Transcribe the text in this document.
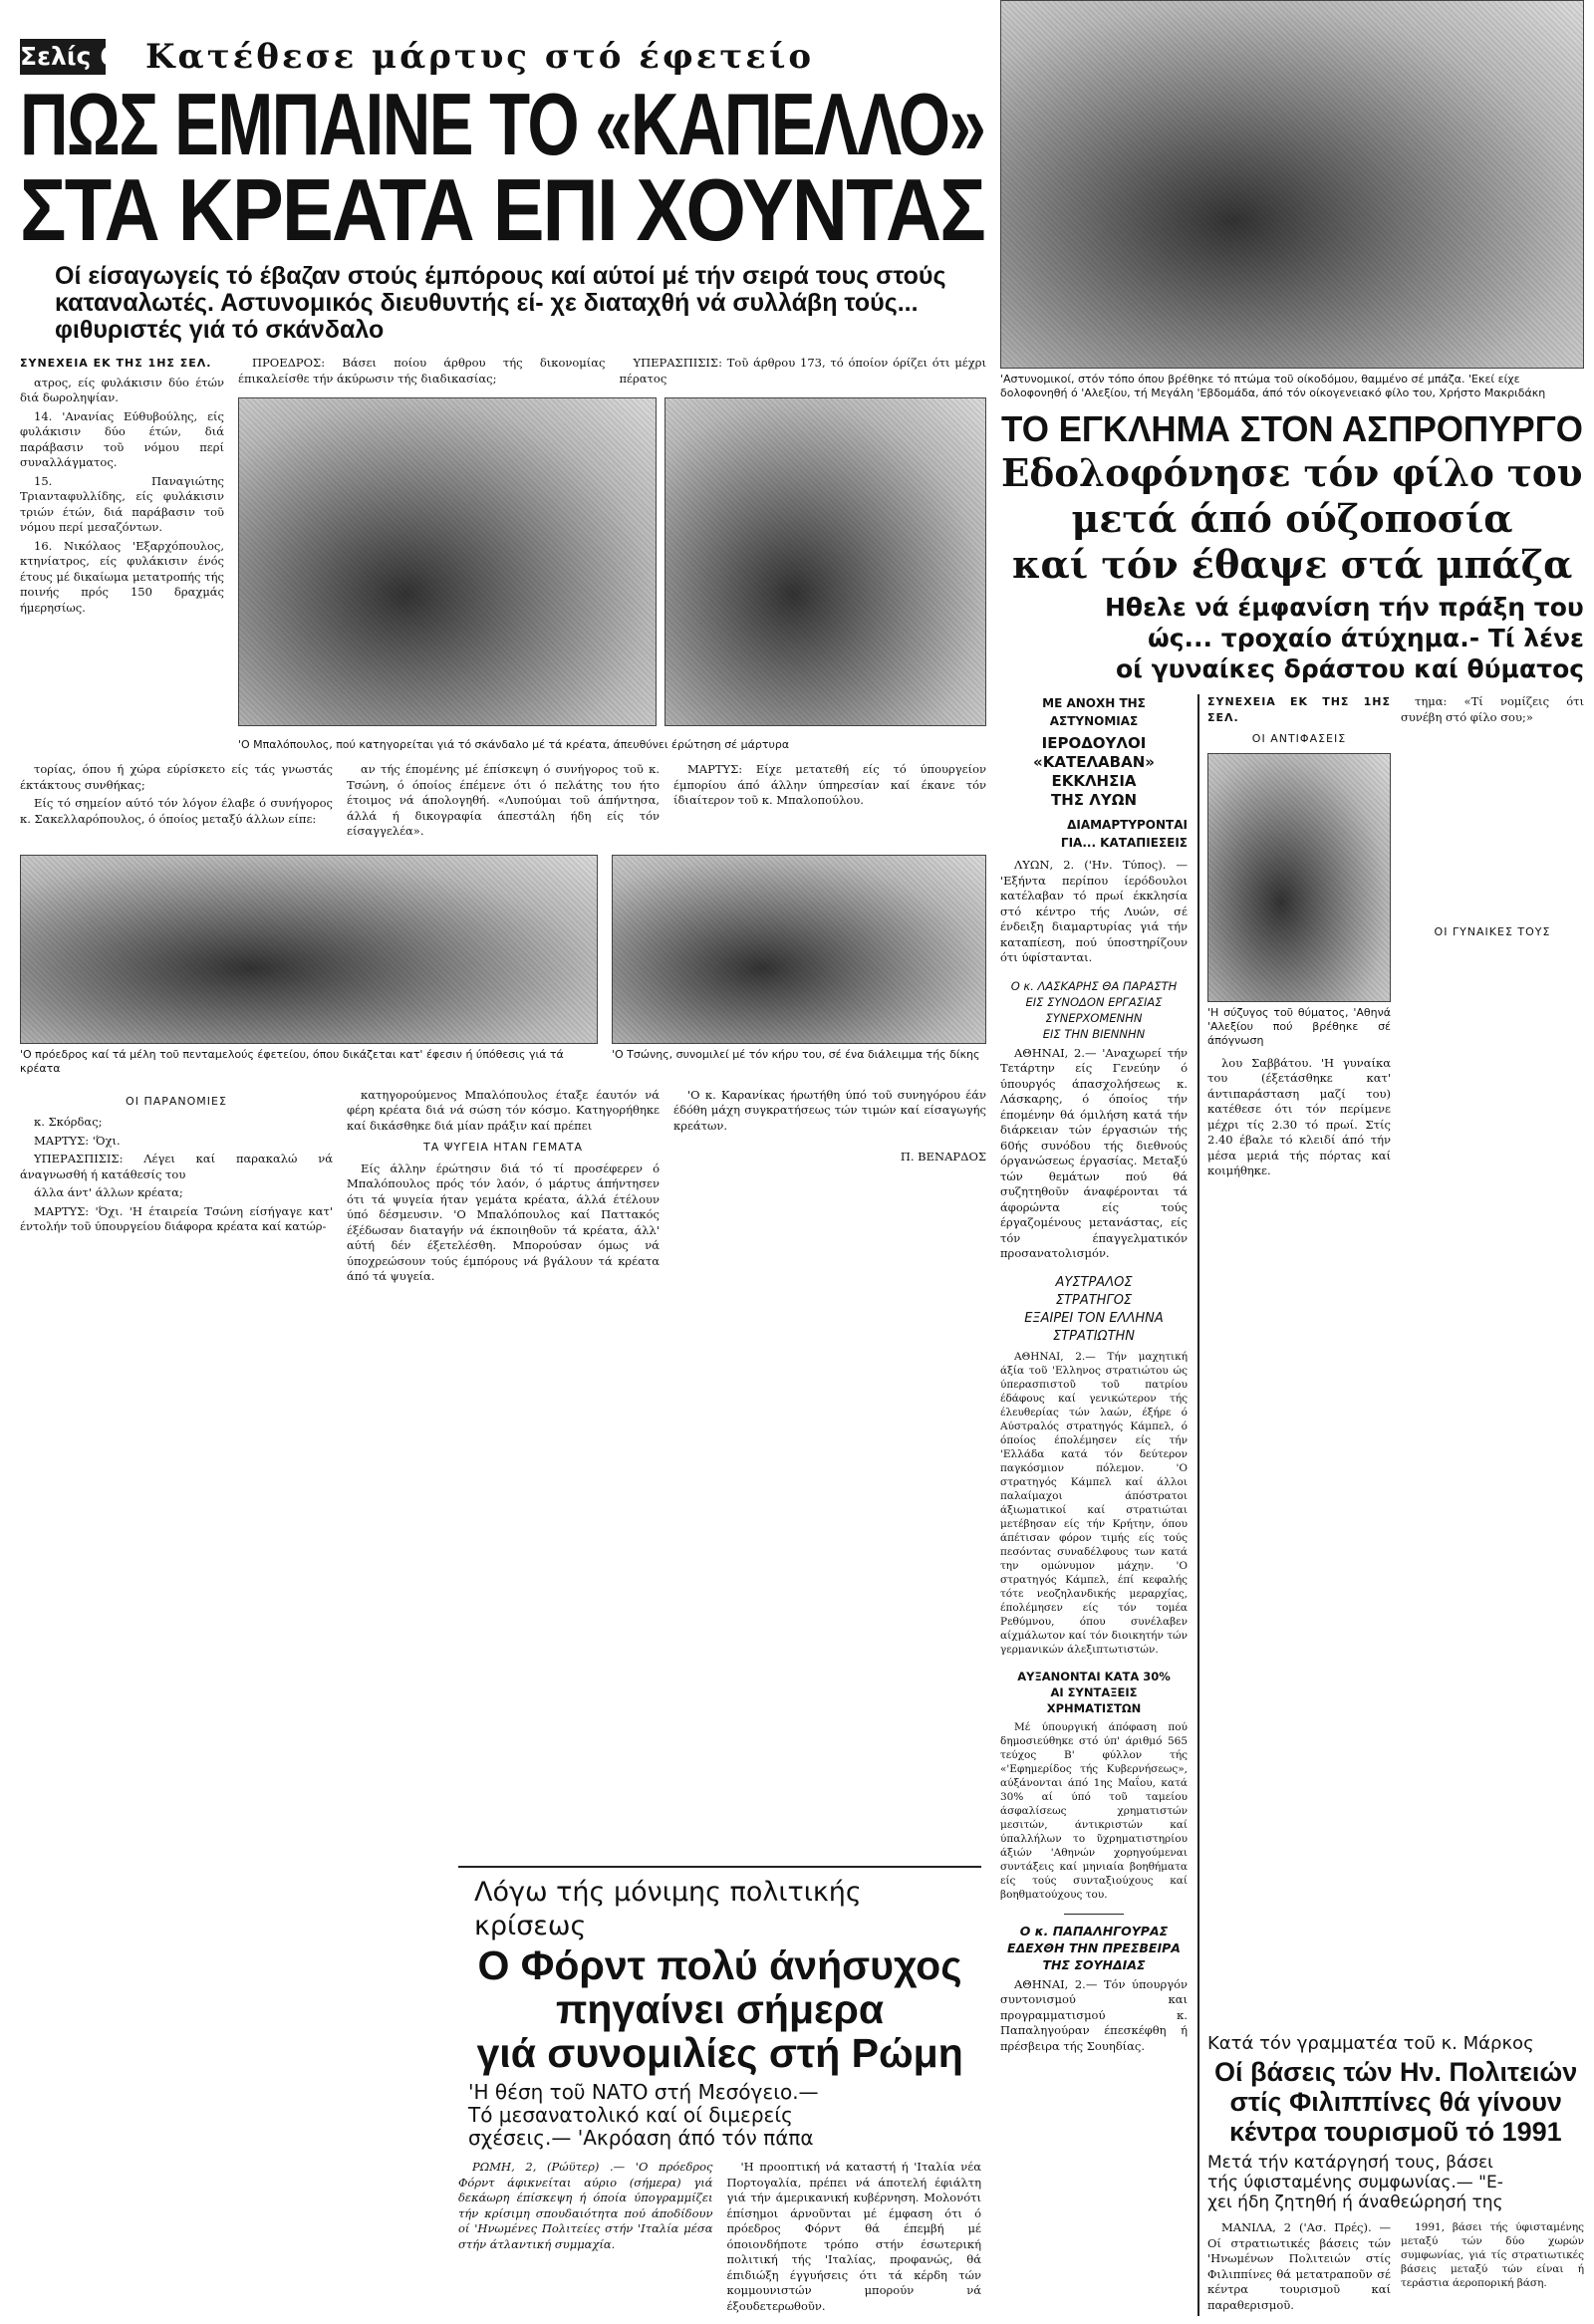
Σελίς 6 Κατέθεσε μάρτυς στό έφετείο
ΠΩΣ ΕΜΠΑΙΝΕ ΤΟ «ΚΑΠΕΛΛΟ»
ΣΤΑ ΚΡΕΑΤΑ ΕΠΙ ΧΟΥΝΤΑΣ
Οί είσαγωγείς τό έβαζαν στούς έμπόρους καί αύτοί μέ τήν σειρά τους στούς καταναλωτές. Αστυνομικός διευθυντής εί- χε διαταχθή νά συλλάβη τούς... φιθυριστές γιά τό σκάνδαλο
ΣΥΝΕΧΕΙΑ ΕΚ ΤΗΣ 1ΗΣ ΣΕΛ.

ατρος, είς φυλάκισιν δύο έτών διά δωροληψίαν.

14. 'Ανανίας Εύθυβούλης, είς φυλάκισιν δύο έτών, διά παράβασιν τοῦ νόμου περί συναλλάγματος.

15. Παναγιώτης Τριανταφυλλίδης, είς φυλάκισιν τριών έτών, διά παράβασιν τοῦ νόμου περί μεσαζόντων.

16. Νικόλαος 'Εξαρχόπουλος, κτηνίατρος, είς φυλάκισιν ένός έτους μέ δικαίωμα μετατροπής τής ποινής πρός 150 δραχμάς ήμερησίως.

ΠΡΟΕΔΡΟΣ: Βάσει ποίου άρθρου τής δικονομίας έπικαλείσθε τήν άκύρωσιν τής διαδικασίας;

ΥΠΕΡΑΣΠΙΣΙΣ: Τοῦ άρθρου 173, τό όποίον όρίζει ότι μέχρι πέρατος

'Ο Μπαλόπουλος, πού κατηγορείται γιά τό σκάνδαλο μέ τά κρέατα, άπευθύνει έρώτηση σέ μάρτυρα

τορίας, όπου ή χώρα εύρίσκετο είς τάς γνωστάς έκτάκτους συνθήκας;

Είς τό σημείον αύτό τόν λόγον έλαβε ό συνήγορος κ. Σακελλαρόπουλος, ό όποίος μεταξύ άλλων είπε:

αν τής έπομένης μέ έπίσκεψη ό συνήγορος τοῦ κ. Τσώνη, ό όποίος έπέμενε ότι ό πελάτης του ήτο έτοιμος νά άπολογηθή. «Λυπούμαι τοῦ άπήντησα, άλλά ή δικογραφία άπεστάλη ήδη είς τόν είσαγγελέα».

ΜΑΡΤΥΣ: Είχε μετατεθή είς τό ύπουργείον έμπορίου άπό άλλην ύπηρεσίαν καί έκανε τόν ίδιαίτερον τοῦ κ. Μπαλοπούλου.

'Ο πρόεδρος καί τά μέλη τοῦ πενταμελούς έφετείου, όπου δικάζεται κατ' έφεσιν ή ύπόθεσις γιά τά κρέατα
'Ο Τσώνης, συνομιλεί μέ τόν κήρυ του, σέ ένα διάλειμμα τής δίκης
ΟΙ ΠΑΡΑΝΟΜΙΕΣ

κ. Σκόρδας;

ΜΑΡΤΥΣ: 'Όχι.

ΥΠΕΡΑΣΠΙΣΙΣ: Λέγει καί παρακαλώ νά άναγνωσθή ή κατάθεσίς του

άλλα άντ' άλλων κρέατα;

ΜΑΡΤΥΣ: 'Όχι. 'Η έταιρεία Τσώνη είσήγαγε κατ' έντολήν τοῦ ύπουργείου διάφορα κρέατα καί κατώρ-

κατηγορούμενος Μπαλόπουλος έταξε έαυτόν νά φέρη κρέατα διά νά σώση τόν κόσμο. Κατηγορήθηκε καί δικάσθηκε διά μίαν πράξιν καί πρέπει

ΤΑ ΨΥΓΕΙΑ ΗΤΑΝ ΓΕΜΑΤΑ

Είς άλλην έρώτησιν διά τό τί προσέφερεν ό Μπαλόπουλος πρός τόν λαόν, ό μάρτυς άπήντησεν ότι τά ψυγεία ήταν γεμάτα κρέατα, άλλά έτέλουν ύπό δέσμευσιν. 'Ο Μπαλόπουλος καί Παττακός έξέδωσαν διαταγήν νά έκποιηθοῦν τά κρέατα, άλλ' αύτή δέν έξετελέσθη. Μπορούσαν όμως νά ύποχρεώσουν τούς έμπόρους νά βγάλουν τά κρέατα άπό τά ψυγεία.

'Ο κ. Καρανίκας ήρωτήθη ύπό τοῦ συνηγόρου έάν έδόθη μάχη συγκρατήσεως τών τιμών καί είσαγωγής κρεάτων.

Π. ΒΕΝΑΡΔΟΣ

Λόγω τής μόνιμης πολιτικής κρίσεως
Ο Φόρντ πολύ άνήσυχος
πηγαίνει σήμερα
γιά συνομιλίες στή Ρώμη
'Η θέση τοῦ ΝΑΤΟ στή Μεσόγειο.—
Τό μεσανατολικό καί οί διμερείς
σχέσεις.— 'Ακρόαση άπό τόν πάπα

ΡΩΜΗ, 2, (Ρώϋτερ) .— 'Ο πρόεδρος Φόρντ άφικνείται αύριο (σήμερα) γιά δεκάωρη έπίσκεψη ή όποία ύπογραμμίζει τήν κρίσιμη σπουδαιότητα πού άποδίδουν οί 'Ηνωμένες Πολιτείες στήν 'Ιταλία μέσα στήν άτλαντική συμμαχία.

'Η προοπτική νά καταστή ή 'Ιταλία νέα Πορτογαλία, πρέπει νά άποτελή έφιάλτη γιά τήν άμερικανική κυβέρνηση. Μολονότι έπίσημοι άρνοῦνται μέ έμφαση ότι ό πρόεδρος Φόρντ θά έπεμβή μέ όποιονδήποτε τρόπο στήν έσωτερική πολιτική τής 'Ιταλίας, προφανώς, θά έπιδιώξη έγγυήσεις ότι τά κέρδη τών κομμουνιστών μπορούν νά έξουδετερωθοῦν.

'Αστυνομικοί, στόν τόπο όπου βρέθηκε τό πτώμα τοῦ οίκοδόμου, θαμμένο σέ μπάζα. 'Εκεί είχε δολοφονηθή ό 'Αλεξίου, τή Μεγάλη 'Εβδομάδα, άπό τόν οίκογενειακό φίλο του, Χρήστο Μακριδάκη
ΤΟ ΕΓΚΛΗΜΑ ΣΤΟΝ ΑΣΠΡΟΠΥΡΓΟ
Εδολοφόνησε τόν φίλο του
μετά άπό ούζοποσία
καί τόν έθαψε στά μπάζα
Ηθελε νά έμφανίση τήν πράξη του
ώς... τροχαίο άτύχημα.- Τί λένε
οί γυναίκες δράστου καί θύματος
ΜΕ ΑΝΟΧΗ ΤΗΣ ΑΣΤΥΝΟΜΙΑΣ
ΙΕΡΟΔΟΥΛΟΙ
«ΚΑΤΕΛΑΒΑΝ»
ΕΚΚΛΗΣΙΑ
ΤΗΣ ΛΥΩΝ
ΔΙΑΜΑΡΤΥΡΟΝΤΑΙ
ΓΙΑ... ΚΑΤΑΠΙΕΣΕΙΣ

ΛΥΩΝ, 2. ('Ην. Τύπος). — 'Εξήντα περίπου ίερόδουλοι κατέλαβαν τό πρωί έκκλησία στό κέντρο τής Λυών, σέ ένδειξη διαμαρτυρίας γιά τήν καταπίεση, πού ύποστηρίζουν ότι ύφίστανται.

Ο κ. ΛΑΣΚΑΡΗΣ ΘΑ ΠΑΡΑΣΤΗ
ΕΙΣ ΣΥΝΟΔΟΝ ΕΡΓΑΣΙΑΣ
ΣΥΝΕΡΧΟΜΕΝΗΝ
ΕΙΣ ΤΗΝ ΒΙΕΝΝΗΝ

ΑΘΗΝΑΙ, 2.— 'Αναχωρεί τήν Τετάρτην είς Γενεύην ό ύπουργός άπασχολήσεως κ. Λάσκαρης, ό όποίος τήν έπομένην θά όμιλήση κατά τήν διάρκειαν τών έργασιών τής 60ής συνόδου τής διεθνούς όργανώσεως έργασίας. Μεταξύ τών θεμάτων πού θά συζητηθοῦν άναφέρονται τά άφορώντα είς τούς έργαζομένους μετανάστας, είς τόν έπαγγελματικόν προσανατολισμόν.

ΑΥΣΤΡΑΛΟΣ
ΣΤΡΑΤΗΓΟΣ
ΕΞΑΙΡΕΙ ΤΟΝ ΕΛΛΗΝΑ
ΣΤΡΑΤΙΩΤΗΝ

ΑΘΗΝΑΙ, 2.— Τήν μαχητική άξία τοῦ 'Ελληνος στρατιώτου ώς ύπερασπιστοῦ τοῦ πατρίου έδάφους καί γενικώτερον τής έλευθερίας τών λαών, έξήρε ό Αύστραλός στρατηγός Κάμπελ, ό όποίος έπολέμησεν είς τήν 'Ελλάδα κατά τόν δεύτερον παγκόσμιον πόλεμον. 'Ο στρατηγός Κάμπελ καί άλλοι παλαίμαχοι άπόστρατοι άξιωματικοί καί στρατιώται μετέβησαν είς τήν Κρήτην, όπου άπέτισαν φόρον τιμής είς τούς πεσόντας συναδέλφους των κατά την ομώνυμον μάχην. 'Ο στρατηγός Κάμπελ, έπί κεφαλής τότε νεοζηλανδικής μεραρχίας, έπολέμησεν είς τόν τομέα Ρεθύμνου, όπου συνέλαβεν αίχμάλωτον καί τόν διοικητήν τών γερμανικών άλεξιπτωτιστών.

ΑΥΞΑΝΟΝΤΑΙ ΚΑΤΑ 30%
ΑΙ ΣΥΝΤΑΞΕΙΣ
ΧΡΗΜΑΤΙΣΤΩΝ

Μέ ύπουργική άπόφαση πού δημοσιεύθηκε στό ύπ' άριθμό 565 τεύχος Β' φύλλον τής «'Εφημερίδος τής Κυβερνήσεως», αύξάνονται άπό 1ης Μαΐου, κατά 30% αί ύπό τοῦ ταμείου άσφαλίσεως χρηματιστών μεσιτών, άντικριστών καί ύπαλλήλων το ῦχρηματιστηρίου άξιών 'Αθηνών χορηγούμεναι συντάξεις καί μηνιαία βοηθήματα είς τούς συνταξιούχους καί βοηθματούχους του.

Ο κ. ΠΑΠΑΛΗΓΟΥΡΑΣ
ΕΔΕΧΘΗ ΤΗΝ ΠΡΕΣΒΕΙΡΑ
ΤΗΣ ΣΟΥΗΔΙΑΣ

ΑΘΗΝΑΙ, 2.— Τόν ύπουργόν συντονισμού και προγραμματισμού κ. Παπαληγούραν έπεσκέφθη ή πρέσβειρα τής Σουηδίας.

ΣΥΝΕΧΕΙΑ ΕΚ ΤΗΣ 1ΗΣ ΣΕΛ.
ΟΙ ΑΝΤΙΦΑΣΕΙΣ
'Η σύζυγος τοῦ θύματος, 'Αθηνά 'Αλεξίου πού βρέθηκε σέ άπόγνωση

λου Σαββάτου. 'Η γυναίκα του (έξετάσθηκε κατ' άντιπαράσταση μαζί του) κατέθεσε ότι τόν περίμενε μέχρι τίς 2.30 τό πρωί. Στίς 2.40 έβαλε τό κλειδί άπό τήν μέσα μεριά τής πόρτας καί κοιμήθηκε.

τημα: «Τί νομίζεις ότι συνέβη στό φίλο σου;»

ΟΙ ΓΥΝΑΙΚΕΣ ΤΟΥΣ
Κατά τόν γραμματέα τοῦ κ. Μάρκος
Οί βάσεις τών Ην. Πολιτειών
στίς Φιλιππίνες θά γίνουν
κέντρα τουρισμοῦ τό 1991
Μετά τήν κατάργησή τους, βάσει
τής ύφισταμένης συμφωνίας.— "Ε-
χει ήδη ζητηθή ή άναθεώρησή της

ΜΑΝΙΛΑ, 2 ('Ασ. Πρές). — Οί στρατιωτικές βάσεις τών 'Ηνωμένων Πολιτειών στίς Φιλιππίνες θά μετατραποῦν σέ κέντρα τουρισμοῦ καί παραθερισμοῦ.

1991, βάσει τής ύφισταμένης μεταξύ τών δύο χωρών συμφωνίας, γιά τίς στρατιωτικές βάσεις μεταξύ τών είναι ή τεράστια άεροπορική βάση.
